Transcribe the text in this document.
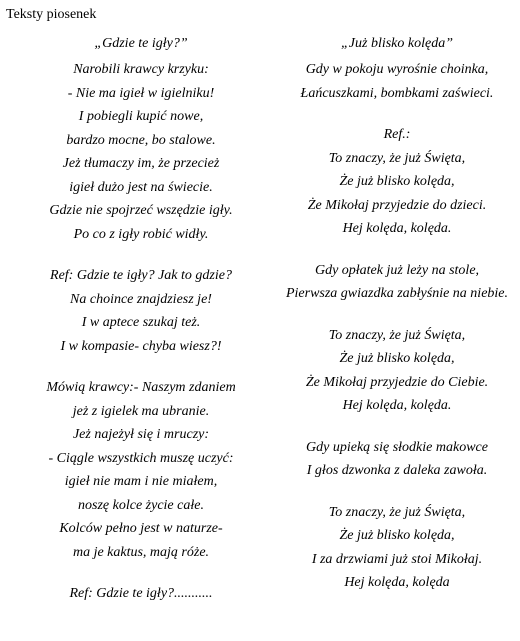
Teksty piosenek
„Gdzie te igły?”
Narobili krawcy krzyku:
- Nie ma igieł w igielniku!
I pobiegli kupić nowe,
bardzo mocne, bo stalowe.
Jeż tłumaczy im, że przecież
igieł dużo jest na świecie.
Gdzie nie spojrzeć wszędzie igły.
Po co z igły robić widły.
Ref: Gdzie te igły? Jak to gdzie?
Na choince znajdziesz je!
I w aptece szukaj też.
I w kompasie- chyba wiesz?!
Mówią krawcy:- Naszym zdaniem
jeż z igielek ma ubranie.
Jeż najeżył się i mruczy:
- Ciągle wszystkich muszę uczyć:
igieł nie mam i nie miałem,
noszę kolce życie całe.
Kolców pełno jest w naturze-
ma je kaktus, mają róże.
Ref: Gdzie te igły?...........
„Już blisko kolęda”
Gdy w pokoju wyrośnie choinka,
Łańcuszkami, bombkami zaświeci.
Ref.:
To znaczy, że już Święta,
Że już blisko kolęda,
Że Mikołaj przyjedzie do dzieci.
Hej kolęda, kolęda.
Gdy opłatek już leży na stole,
Pierwsza gwiazdka zabłyśnie na niebie.
To znaczy, że już Święta,
Że już blisko kolęda,
Że Mikołaj przyjedzie do Ciebie.
Hej kolęda, kolęda.
Gdy upieką się słodkie makowce
I głos dzwonka z daleka zawoła.
To znaczy, że już Święta,
Że już blisko kolęda,
I za drzwiami już stoi Mikołaj.
Hej kolęda, kolęda
